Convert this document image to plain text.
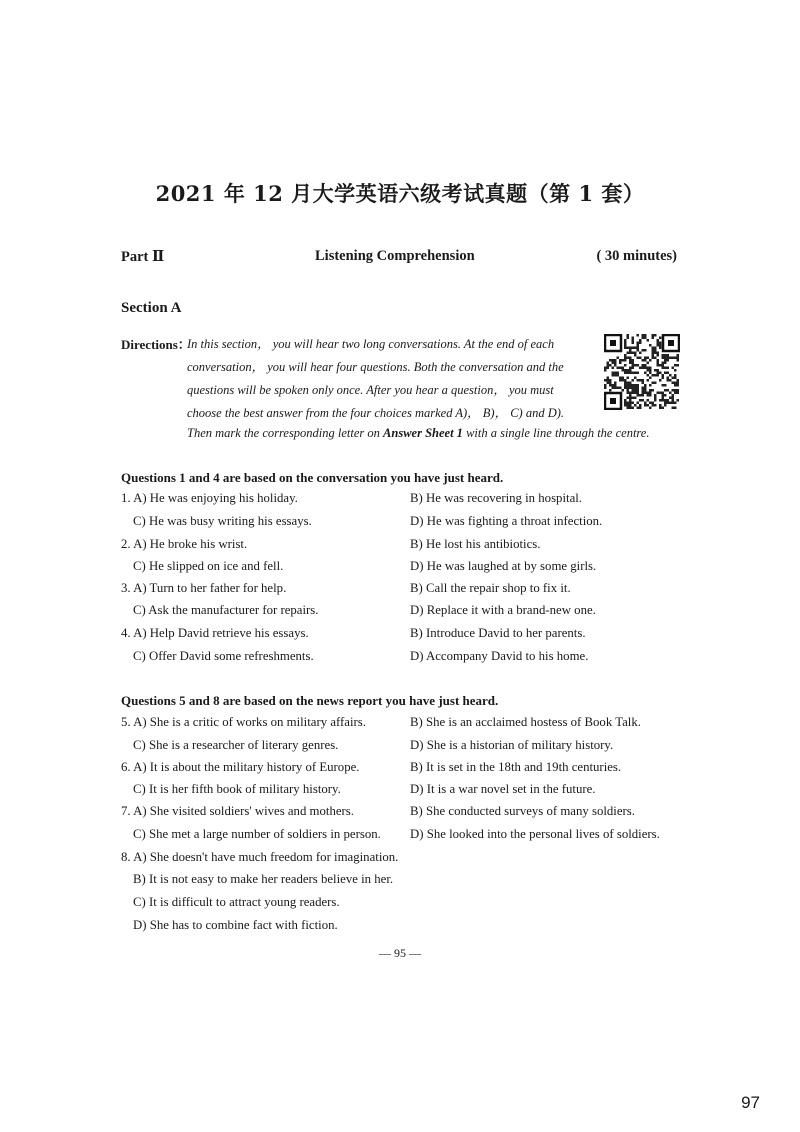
2021 年 12 月大学英语六级考试真题（第 1 套）
Part Ⅱ	Listening Comprehension	( 30 minutes)
Section A
Directions：
In this section， you will hear two long conversations. At the end of each
conversation， you will hear four questions. Both the conversation and the
questions will be spoken only once. After you hear a question， you must
choose the best answer from the four choices marked A)， B)， C) and D).
Then mark the corresponding letter on Answer Sheet 1 with a single line through the centre.
Questions 1 and 4 are based on the conversation you have just heard.
1. A) He was enjoying his holiday.	B) He was recovering in hospital.
C) He was busy writing his essays.	D) He was fighting a throat infection.
2. A) He broke his wrist.	B) He lost his antibiotics.
C) He slipped on ice and fell.	D) He was laughed at by some girls.
3. A) Turn to her father for help.	B) Call the repair shop to fix it.
C) Ask the manufacturer for repairs.	D) Replace it with a brand-new one.
4. A) Help David retrieve his essays.	B) Introduce David to her parents.
C) Offer David some refreshments.	D) Accompany David to his home.
Questions 5 and 8 are based on the news report you have just heard.
5. A) She is a critic of works on military affairs.	B) She is an acclaimed hostess of Book Talk.
C) She is a researcher of literary genres.	D) She is a historian of military history.
6. A) It is about the military history of Europe.	B) It is set in the 18th and 19th centuries.
C) It is her fifth book of military history.	D) It is a war novel set in the future.
7. A) She visited soldiers' wives and mothers.	B) She conducted surveys of many soldiers.
C) She met a large number of soldiers in person. D) She looked into the personal lives of soldiers.
8. A) She doesn't have much freedom for imagination.
B) It is not easy to make her readers believe in her.
C) It is difficult to attract young readers.
D) She has to combine fact with fiction.
— 95 —
97
